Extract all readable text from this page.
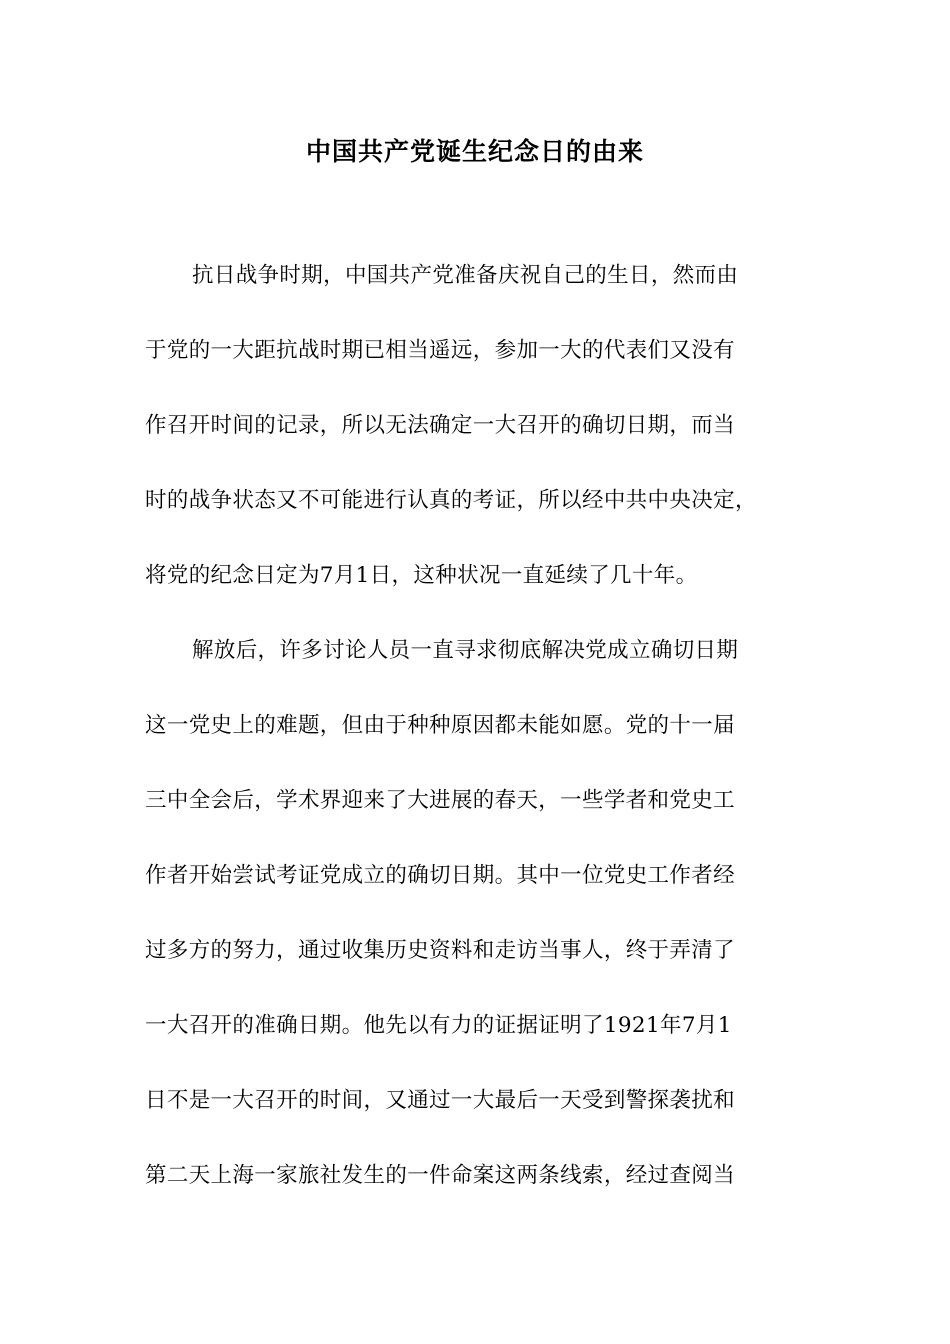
中国共产党诞生纪念日的由来
抗日战争时期，中国共产党准备庆祝自己的生日，然而由
于党的一大距抗战时期已相当遥远，参加一大的代表们又没有
作召开时间的记录，所以无法确定一大召开的确切日期，而当
时的战争状态又不可能进行认真的考证，所以经中共中央决定，
将党的纪念日定为7月1日，这种状况一直延续了几十年。
解放后，许多讨论人员一直寻求彻底解决党成立确切日期
这一党史上的难题，但由于种种原因都未能如愿。党的十一届
三中全会后，学术界迎来了大进展的春天，一些学者和党史工
作者开始尝试考证党成立的确切日期。其中一位党史工作者经
过多方的努力，通过收集历史资料和走访当事人，终于弄清了
一大召开的准确日期。他先以有力的证据证明了1921年7月1
日不是一大召开的时间，又通过一大最后一天受到警探袭扰和
第二天上海一家旅社发生的一件命案这两条线索，经过查阅当
